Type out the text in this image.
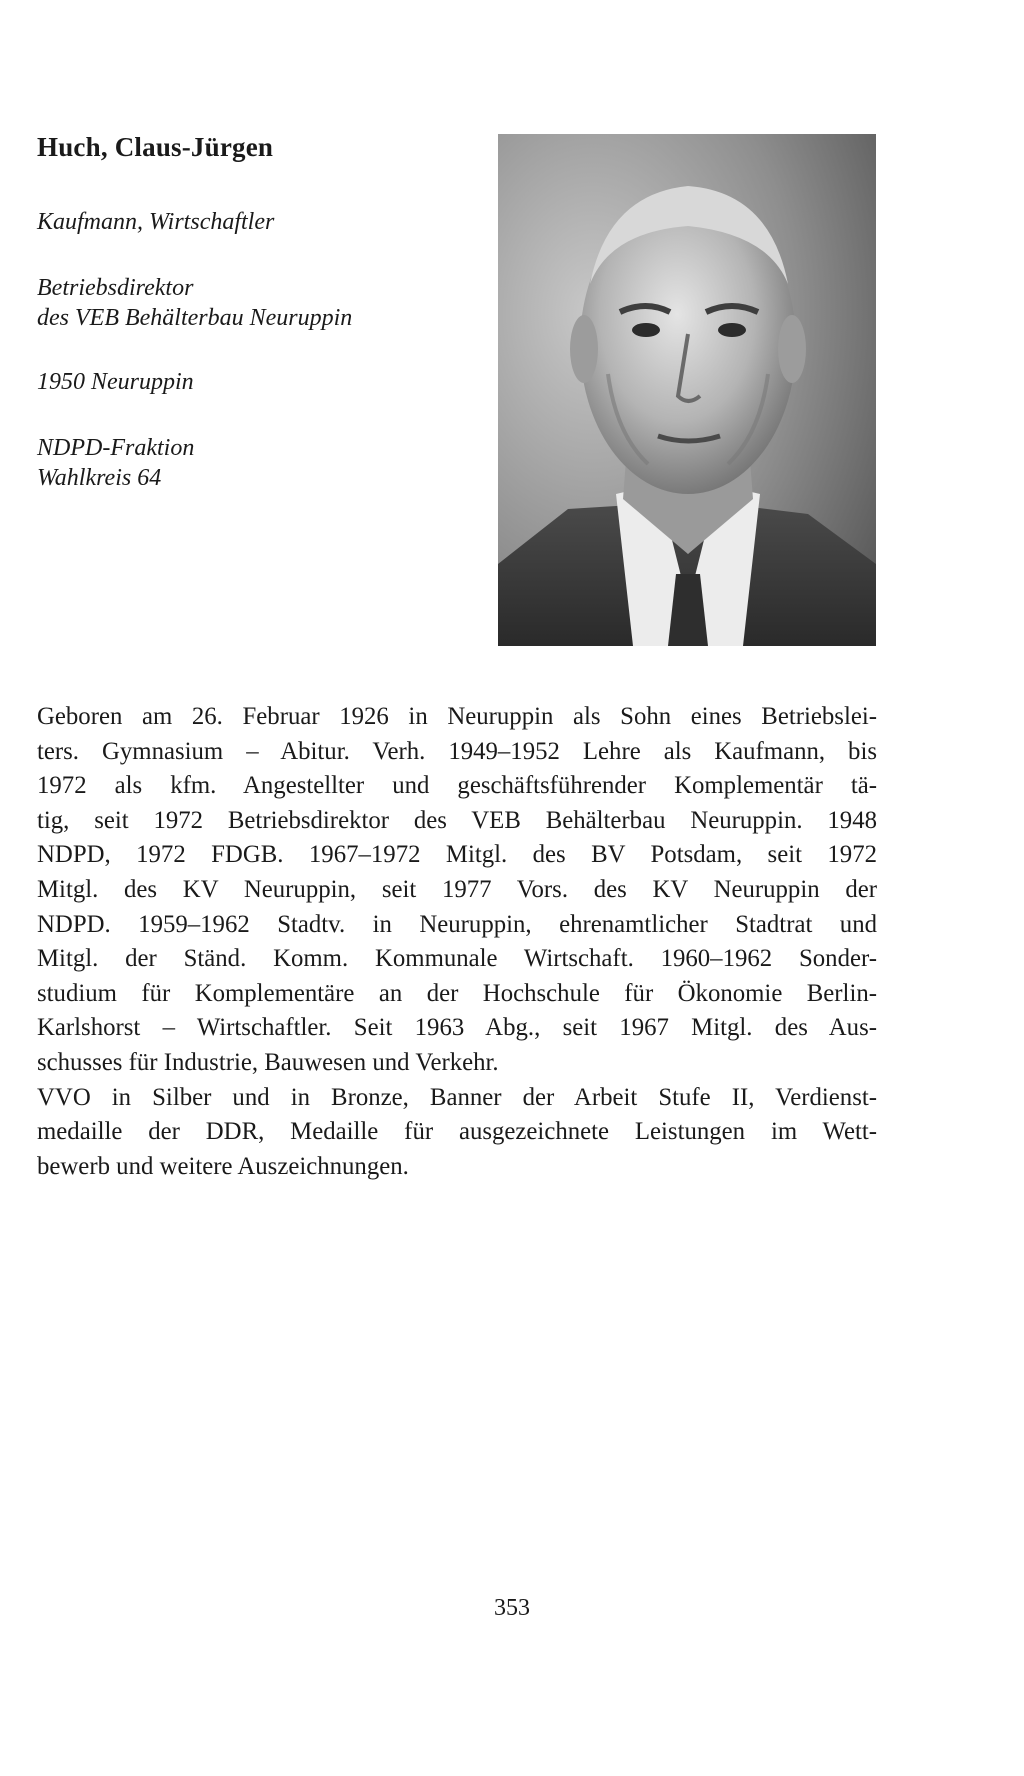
Huch, Claus-Jürgen
Kaufmann, Wirtschaftler
Betriebsdirektor
des VEB Behälterbau Neuruppin
1950 Neuruppin
NDPD-Fraktion
Wahlkreis 64
Geboren am 26. Februar 1926 in Neuruppin als Sohn eines Betriebslei-
ters. Gymnasium – Abitur. Verh. 1949–1952 Lehre als Kaufmann, bis
1972 als kfm. Angestellter und geschäftsführender Komplementär tä-
tig, seit 1972 Betriebsdirektor des VEB Behälterbau Neuruppin. 1948
NDPD, 1972 FDGB. 1967–1972 Mitgl. des BV Potsdam, seit 1972
Mitgl. des KV Neuruppin, seit 1977 Vors. des KV Neuruppin der
NDPD. 1959–1962 Stadtv. in Neuruppin, ehrenamtlicher Stadtrat und
Mitgl. der Ständ. Komm. Kommunale Wirtschaft. 1960–1962 Sonder-
studium für Komplementäre an der Hochschule für Ökonomie Berlin-
Karlshorst – Wirtschaftler. Seit 1963 Abg., seit 1967 Mitgl. des Aus-
schusses für Industrie, Bauwesen und Verkehr.
VVO in Silber und in Bronze, Banner der Arbeit Stufe II, Verdienst-
medaille der DDR, Medaille für ausgezeichnete Leistungen im Wett-
bewerb und weitere Auszeichnungen.
353
